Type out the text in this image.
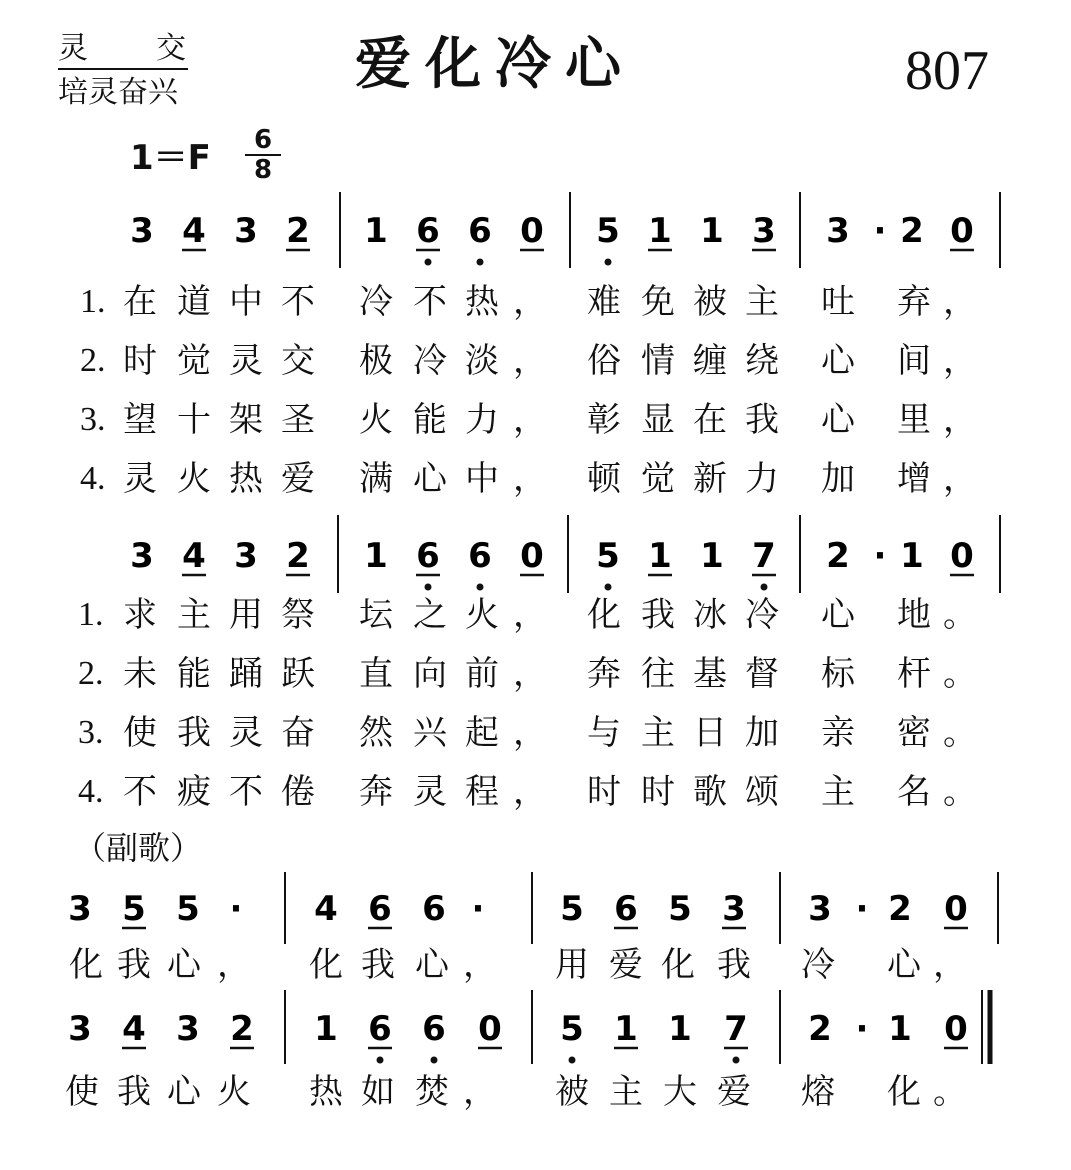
灵 交
培灵奋兴	爱化冷心	807
1＝F	6
8
3 4 3 2 1 6 6 0 5 1 1 3 3 · 2 0
3 4 3 2 1 6 6 0 5 1 1 7 2 · 1 0
3 5 5 · 4 6 6 · 5 6 5 3 3 · 2 0
3 4 3 2 1 6 6 0 5 1 1 7 2 · 1 0
1. 在 道 中 不 冷 不 热 ， 难 免 被 主 吐 弃 ，
2. 时 觉 灵 交 极 冷 淡 ， 俗 情 缠 绕 心 间 ，
3. 望 十 架 圣 火 能 力 ， 彰 显 在 我 心 里 ，
4. 灵 火 热 爱 满 心 中 ， 顿 觉 新 力 加 增 ，
1. 求 主 用 祭 坛 之 火 ， 化 我 冰 冷 心 地 。
2. 未 能 踊 跃 直 向 前 ， 奔 往 基 督 标 杆 。
3. 使 我 灵 奋 然 兴 起 ， 与 主 日 加 亲 密 。
4. 不 疲 不 倦 奔 灵 程 ， 时 时 歌 颂 主 名 。
（副歌）
化 我 心 ， 化 我 心 ， 用 爱 化 我 冷 心 ，
使 我 心 火 热 如 焚 ， 被 主 大 爱 熔 化 。
